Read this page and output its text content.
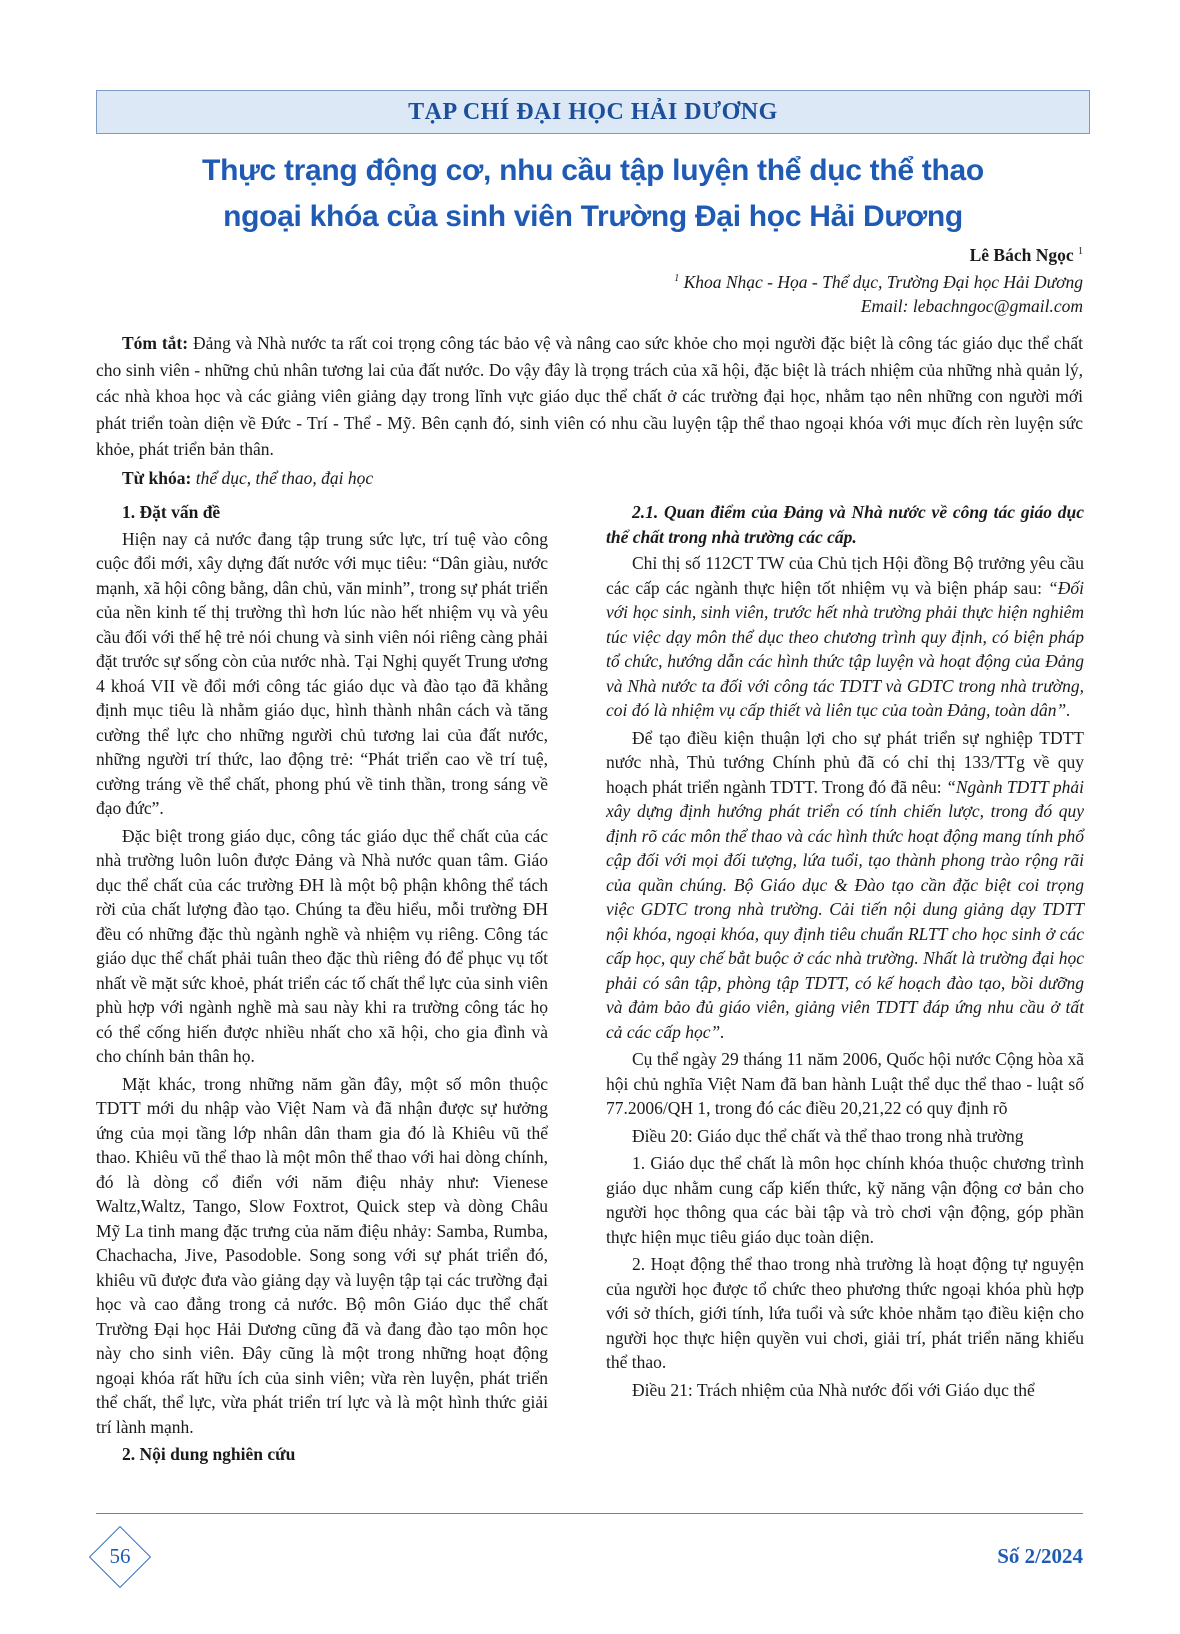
TẠP CHÍ ĐẠI HỌC HẢI DƯƠNG
Thực trạng động cơ, nhu cầu tập luyện thể dục thể thao
ngoại khóa của sinh viên Trường Đại học Hải Dương
Lê Bách Ngọc $^1$
$^1$ Khoa Nhạc - Họa - Thể dục, Trường Đại học Hải Dương
Email: lebachngoc@gmail.com
Tóm tắt: Đảng và Nhà nước ta rất coi trọng công tác bảo vệ và nâng cao sức khỏe cho mọi người đặc biệt là công tác giáo dục thể chất cho sinh viên - những chủ nhân tương lai của đất nước. Do vậy đây là trọng trách của xã hội, đặc biệt là trách nhiệm của những nhà quản lý, các nhà khoa học và các giảng viên giảng dạy trong lĩnh vực giáo dục thể chất ở các trường đại học, nhằm tạo nên những con người mới phát triển toàn diện về Đức - Trí - Thể - Mỹ. Bên cạnh đó, sinh viên có nhu cầu luyện tập thể thao ngoại khóa với mục đích rèn luyện sức khỏe, phát triển bản thân.
Từ khóa: thể dục, thể thao, đại học
1. Đặt vấn đề

Hiện nay cả nước đang tập trung sức lực, trí tuệ vào công cuộc đổi mới, xây dựng đất nước với mục tiêu: “Dân giàu, nước mạnh, xã hội công bằng, dân chủ, văn minh”, trong sự phát triển của nền kinh tế thị trường thì hơn lúc nào hết nhiệm vụ và yêu cầu đối với thế hệ trẻ nói chung và sinh viên nói riêng càng phải đặt trước sự sống còn của nước nhà. Tại Nghị quyết Trung ương 4 khoá VII về đổi mới công tác giáo dục và đào tạo đã khẳng định mục tiêu là nhằm giáo dục, hình thành nhân cách và tăng cường thể lực cho những người chủ tương lai của đất nước, những người trí thức, lao động trẻ: “Phát triển cao về trí tuệ, cường tráng về thể chất, phong phú về tinh thần, trong sáng về đạo đức”.

Đặc biệt trong giáo dục, công tác giáo dục thể chất của các nhà trường luôn luôn được Đảng và Nhà nước quan tâm. Giáo dục thể chất của các trường ĐH là một bộ phận không thể tách rời của chất lượng đào tạo. Chúng ta đều hiểu, mỗi trường ĐH đều có những đặc thù ngành nghề và nhiệm vụ riêng. Công tác giáo dục thể chất phải tuân theo đặc thù riêng đó để phục vụ tốt nhất về mặt sức khoẻ, phát triển các tố chất thể lực của sinh viên phù hợp với ngành nghề mà sau này khi ra trường công tác họ có thể cống hiến được nhiều nhất cho xã hội, cho gia đình và cho chính bản thân họ.

Mặt khác, trong những năm gần đây, một số môn thuộc TDTT mới du nhập vào Việt Nam và đã nhận được sự hưởng ứng của mọi tầng lớp nhân dân tham gia đó là Khiêu vũ thể thao. Khiêu vũ thể thao là một môn thể thao với hai dòng chính, đó là dòng cổ điển với năm điệu nhảy như: Vienese Waltz,Waltz, Tango, Slow Foxtrot, Quick step và dòng Châu Mỹ La tinh mang đặc trưng của năm điệu nhảy: Samba, Rumba, Chachacha, Jive, Pasodoble. Song song với sự phát triển đó, khiêu vũ được đưa vào giảng dạy và luyện tập tại các trường đại học và cao đẳng trong cả nước. Bộ môn Giáo dục thể chất Trường Đại học Hải Dương cũng đã và đang đào tạo môn học này cho sinh viên. Đây cũng là một trong những hoạt động ngoại khóa rất hữu ích của sinh viên; vừa rèn luyện, phát triển thể chất, thể lực, vừa phát triển trí lực và là một hình thức giải trí lành mạnh.

2. Nội dung nghiên cứu
2.1. Quan điểm của Đảng và Nhà nước về công tác giáo dục thể chất trong nhà trường các cấp.

Chỉ thị số 112CT TW của Chủ tịch Hội đồng Bộ trưởng yêu cầu các cấp các ngành thực hiện tốt nhiệm vụ và biện pháp sau: “Đối với học sinh, sinh viên, trước hết nhà trường phải thực hiện nghiêm túc việc dạy môn thể dục theo chương trình quy định, có biện pháp tổ chức, hướng dẫn các hình thức tập luyện và hoạt động của Đảng và Nhà nước ta đối với công tác TDTT và GDTC trong nhà trường, coi đó là nhiệm vụ cấp thiết và liên tục của toàn Đảng, toàn dân”.

Để tạo điều kiện thuận lợi cho sự phát triển sự nghiệp TDTT nước nhà, Thủ tướng Chính phủ đã có chỉ thị 133/TTg về quy hoạch phát triển ngành TDTT. Trong đó đã nêu: “Ngành TDTT phải xây dựng định hướng phát triển có tính chiến lược, trong đó quy định rõ các môn thể thao và các hình thức hoạt động mang tính phổ cập đối với mọi đối tượng, lứa tuổi, tạo thành phong trào rộng rãi của quần chúng. Bộ Giáo dục & Đào tạo cần đặc biệt coi trọng việc GDTC trong nhà trường. Cải tiến nội dung giảng dạy TDTT nội khóa, ngoại khóa, quy định tiêu chuẩn RLTT cho học sinh ở các cấp học, quy chế bắt buộc ở các nhà trường. Nhất là trường đại học phải có sân tập, phòng tập TDTT, có kế hoạch đào tạo, bồi dưỡng và đảm bảo đủ giáo viên, giảng viên TDTT đáp ứng nhu cầu ở tất cả các cấp học”.

Cụ thể ngày 29 tháng 11 năm 2006, Quốc hội nước Cộng hòa xã hội chủ nghĩa Việt Nam đã ban hành Luật thể dục thể thao - luật số 77.2006/QH 1, trong đó các điều 20,21,22 có quy định rõ

Điều 20: Giáo dục thể chất và thể thao trong nhà trường

1. Giáo dục thể chất là môn học chính khóa thuộc chương trình giáo dục nhằm cung cấp kiến thức, kỹ năng vận động cơ bản cho người học thông qua các bài tập và trò chơi vận động, góp phần thực hiện mục tiêu giáo dục toàn diện.

2. Hoạt động thể thao trong nhà trường là hoạt động tự nguyện của người học được tổ chức theo phương thức ngoại khóa phù hợp với sở thích, giới tính, lứa tuổi và sức khỏe nhằm tạo điều kiện cho người học thực hiện quyền vui chơi, giải trí, phát triển năng khiếu thể thao.

Điều 21: Trách nhiệm của Nhà nước đối với Giáo dục thể

56	Số 2/2024
